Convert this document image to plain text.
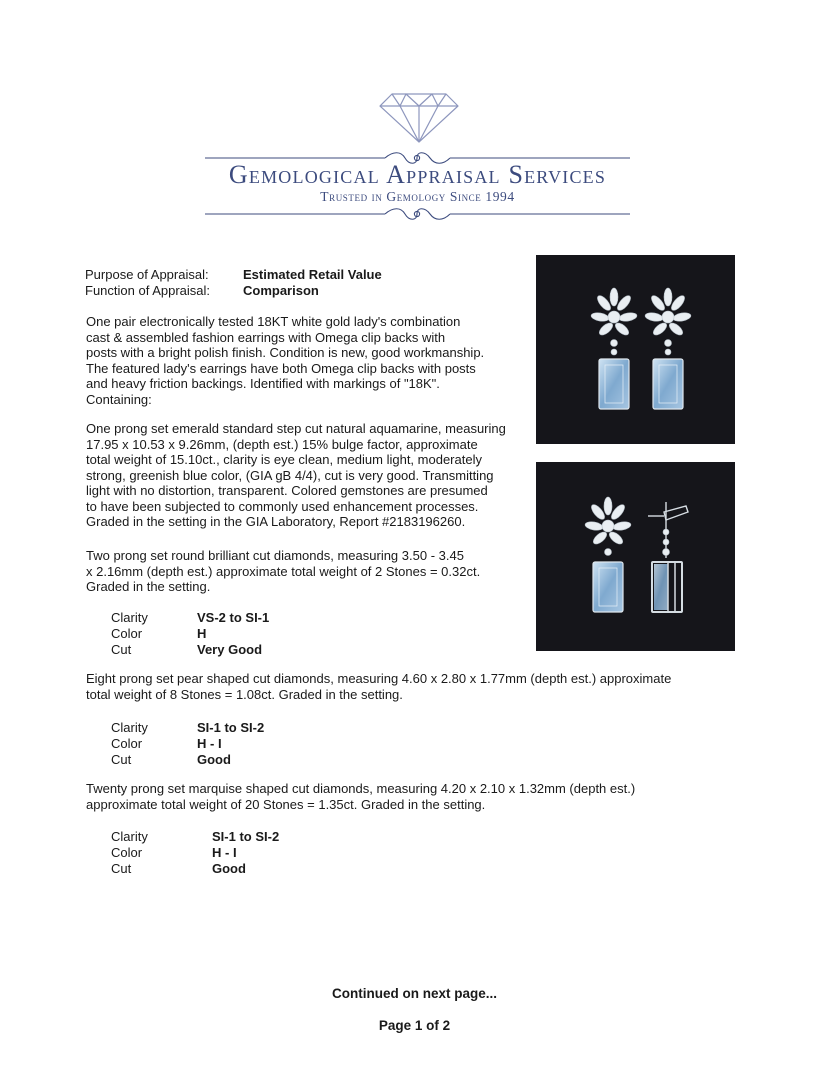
Gemological Appraisal Services
Trusted in Gemology Since 1994
Purpose of Appraisal:	Estimated Retail Value
Function of Appraisal:	Comparison
One pair electronically tested 18KT white gold lady's combination
cast & assembled fashion earrings with Omega clip backs with
posts with a bright polish finish. Condition is new, good workmanship.
The featured lady's earrings have both Omega clip backs with posts
and heavy friction backings. Identified with markings of "18K".
Containing:
One prong set emerald standard step cut natural aquamarine, measuring
17.95 x 10.53 x 9.26mm, (depth est.) 15% bulge factor, approximate
total weight of 15.10ct., clarity is eye clean, medium light, moderately
strong, greenish blue color, (GIA gB 4/4), cut is very good. Transmitting
light with no distortion, transparent. Colored gemstones are presumed
to have been subjected to commonly used enhancement processes.
Graded in the setting in the GIA Laboratory, Report #2183196260.
Two prong set round brilliant cut diamonds, measuring 3.50 - 3.45
x 2.16mm (depth est.) approximate total weight of 2 Stones = 0.32ct.
Graded in the setting.
Clarity	VS-2 to SI-1
Color	H
Cut	Very Good
Eight prong set pear shaped cut diamonds, measuring 4.60 x 2.80 x 1.77mm (depth est.) approximate
total weight of 8 Stones = 1.08ct. Graded in the setting.
Clarity	SI-1 to SI-2
Color	H - I
Cut	Good
Twenty prong set marquise shaped cut diamonds, measuring 4.20 x 2.10 x 1.32mm (depth est.)
approximate total weight of 20 Stones = 1.35ct. Graded in the setting.
Clarity	SI-1 to SI-2
Color	H - I
Cut	Good
Continued on next page...
Page 1 of 2
